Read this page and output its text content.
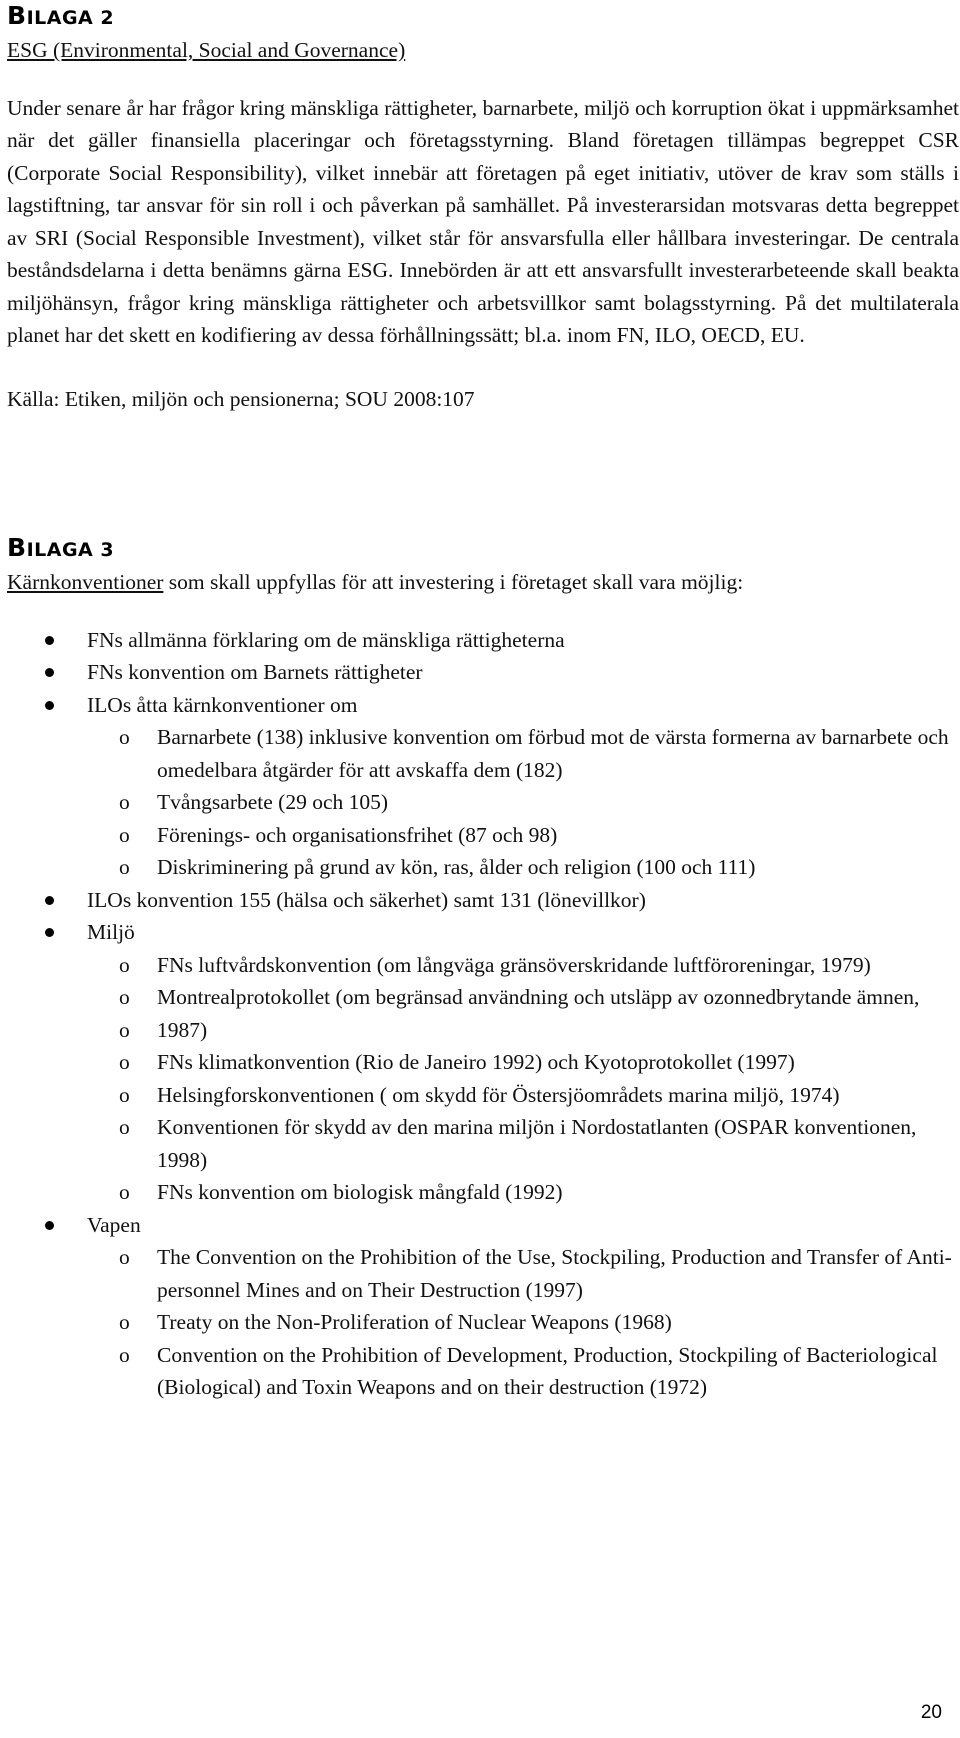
BILAGA 2

ESG (Environmental, Social and Governance)

Under senare år har frågor kring mänskliga rättigheter, barnarbete, miljö och korruption ökat i uppmärksamhet när det gäller finansiella placeringar och företagsstyrning. Bland företagen tillämpas begreppet CSR (Corporate Social Responsibility), vilket innebär att företagen på eget initiativ, utöver de krav som ställs i lagstiftning, tar ansvar för sin roll i och påverkan på samhället. På investerarsidan motsvaras detta begreppet av SRI (Social Responsible Investment), vilket står för ansvarsfulla eller hållbara investeringar. De centrala beståndsdelarna i detta benämns gärna ESG. Innebörden är att ett ansvarsfullt investerarbeteende skall beakta miljöhänsyn, frågor kring mänskliga rättigheter och arbetsvillkor samt bolagsstyrning. På det multilaterala planet har det skett en kodifiering av dessa förhållningssätt; bl.a. inom FN, ILO, OECD, EU.

Källa: Etiken, miljön och pensionerna; SOU 2008:107

BILAGA 3

Kärnkonventioner som skall uppfyllas för att investering i företaget skall vara möjlig:

FNs allmänna förklaring om de mänskliga rättigheterna
FNs konvention om Barnets rättigheter
ILOs åtta kärnkonventioner om
o Barnarbete (138) inklusive konvention om förbud mot de värsta formerna av barnarbete och omedelbara åtgärder för att avskaffa dem (182)
o Tvångsarbete (29 och 105)
o Förenings- och organisationsfrihet (87 och 98)
o Diskriminering på grund av kön, ras, ålder och religion (100 och 111)
ILOs konvention 155 (hälsa och säkerhet) samt 131 (lönevillkor)
Miljö
o FNs luftvårdskonvention (om långväga gränsöverskridande luftföroreningar, 1979)
o Montrealprotokollet (om begränsad användning och utsläpp av ozonnedbrytande ämnen,
o 1987)
o FNs klimatkonvention (Rio de Janeiro 1992) och Kyotoprotokollet (1997)
o Helsingforskonventionen ( om skydd för Östersjöområdets marina miljö, 1974)
o Konventionen för skydd av den marina miljön i Nordostatlanten (OSPAR konventionen, 1998)
o FNs konvention om biologisk mångfald (1992)
Vapen
o The Convention on the Prohibition of the Use, Stockpiling, Production and Transfer of Anti-personnel Mines and on Their Destruction (1997)
o Treaty on the Non-Proliferation of Nuclear Weapons (1968)
o Convention on the Prohibition of Development, Production, Stockpiling of Bacteriological (Biological) and Toxin Weapons and on their destruction (1972)
20
